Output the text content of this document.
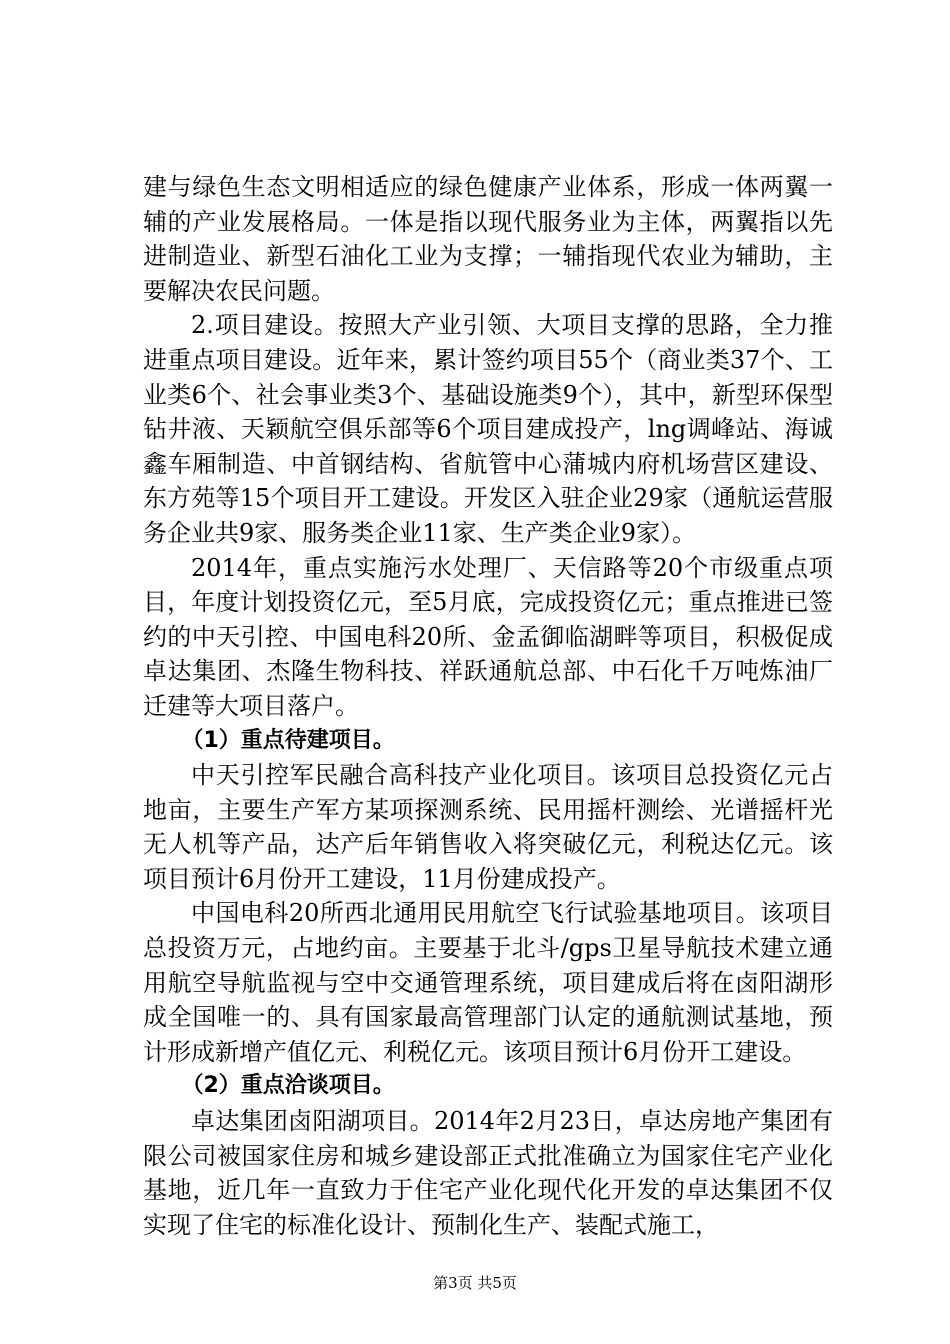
建与绿色生态文明相适应的绿色健康产业体系，形成一体两翼一辅的产业发展格局。一体是指以现代服务业为主体，两翼指以先进制造业、新型石油化工业为支撑；一辅指现代农业为辅助，主要解决农民问题。

2.项目建设。按照大产业引领、大项目支撑的思路，全力推进重点项目建设。近年来，累计签约项目55个（商业类37个、工业类6个、社会事业类3个、基础设施类9个），其中，新型环保型钻井液、天颖航空俱乐部等6个项目建成投产，lng调峰站、海诚鑫车厢制造、中首钢结构、省航管中心蒲城内府机场营区建设、东方苑等15个项目开工建设。开发区入驻企业29家（通航运营服务企业共9家、服务类企业11家、生产类企业9家）。

2014年，重点实施污水处理厂、天信路等20个市级重点项目，年度计划投资亿元，至5月底，完成投资亿元；重点推进已签约的中天引控、中国电科20所、金孟御临湖畔等项目，积极促成卓达集团、杰隆生物科技、祥跃通航总部、中石化千万吨炼油厂迁建等大项目落户。

（1）重点待建项目。

中天引控军民融合高科技产业化项目。该项目总投资亿元占地亩，主要生产军方某项探测系统、民用摇杆测绘、光谱摇杆光无人机等产品，达产后年销售收入将突破亿元，利税达亿元。该项目预计6月份开工建设，11月份建成投产。

中国电科20所西北通用民用航空飞行试验基地项目。该项目总投资万元，占地约亩。主要基于北斗/gps卫星导航技术建立通用航空导航监视与空中交通管理系统，项目建成后将在卤阳湖形成全国唯一的、具有国家最高管理部门认定的通航测试基地，预计形成新增产值亿元、利税亿元。该项目预计6月份开工建设。

（2）重点洽谈项目。

卓达集团卤阳湖项目。2014年2月23日，卓达房地产集团有限公司被国家住房和城乡建设部正式批准确立为国家住宅产业化基地，近几年一直致力于住宅产业化现代化开发的卓达集团不仅实现了住宅的标准化设计、预制化生产、装配式施工，

第3页 共5页
